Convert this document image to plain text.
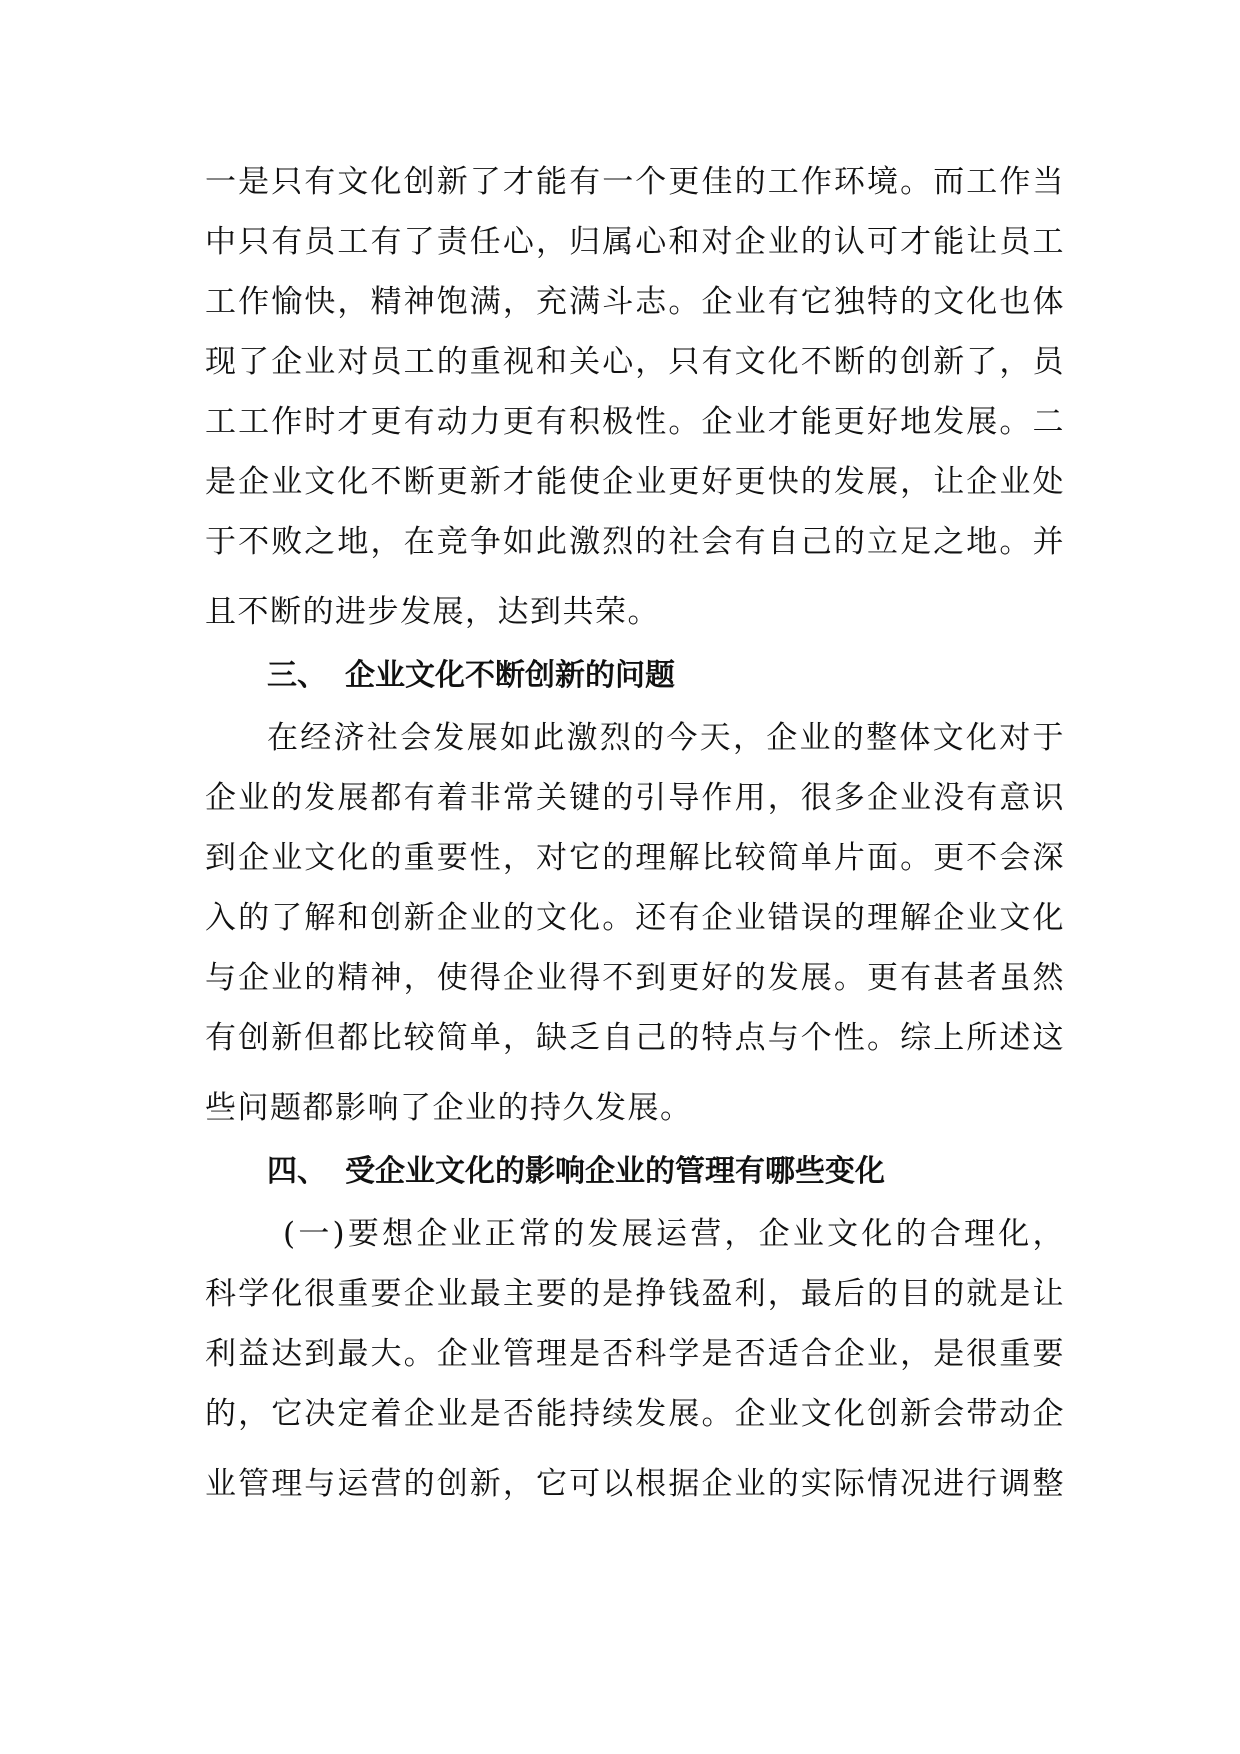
一是只有文化创新了才能有一个更佳的工作环境。而工作当
中只有员工有了责任心，归属心和对企业的认可才能让员工
工作愉快，精神饱满，充满斗志。企业有它独特的文化也体
现了企业对员工的重视和关心，只有文化不断的创新了，员
工工作时才更有动力更有积极性。企业才能更好地发展。二
是企业文化不断更新才能使企业更好更快的发展，让企业处
于不败之地，在竞争如此激烈的社会有自己的立足之地。并
且不断的进步发展，达到共荣。
三、 企业文化不断创新的问题
在经济社会发展如此激烈的今天，企业的整体文化对于
企业的发展都有着非常关键的引导作用，很多企业没有意识
到企业文化的重要性，对它的理解比较简单片面。更不会深
入的了解和创新企业的文化。还有企业错误的理解企业文化
与企业的精神，使得企业得不到更好的发展。更有甚者虽然
有创新但都比较简单，缺乏自己的特点与个性。综上所述这
些问题都影响了企业的持久发展。
四、 受企业文化的影响企业的管理有哪些变化
(一)要想企业正常的发展运营，企业文化的合理化，
科学化很重要企业最主要的是挣钱盈利，最后的目的就是让
利益达到最大。企业管理是否科学是否适合企业，是很重要
的，它决定着企业是否能持续发展。企业文化创新会带动企
业管理与运营的创新，它可以根据企业的实际情况进行调整
